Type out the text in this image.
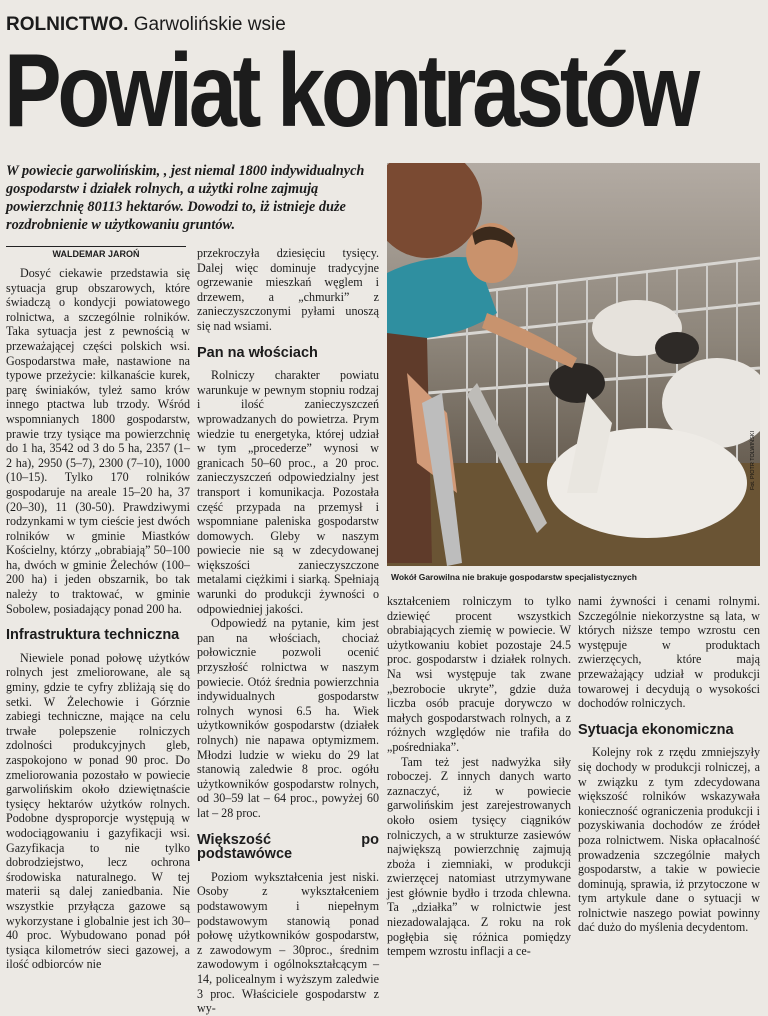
ROLNICTWO. Garwolińskie wsie
Powiat kontrastów

W powiecie garwolińskim, , jest niemal 1800 indywidualnych gospodarstw i działek rolnych, a użytki rolne zajmują powierzchnię 80113 hektarów. Dowodzi to, iż istnieje duże rozdrobnienie w użytkowaniu gruntów.

WALDEMAR JAROŃ

Dosyć ciekawie przedstawia się sytuacja grup obszarowych, które świadczą o kondycji powiatowego rolnictwa, a szczególnie rolników. Taka sytuacja jest z pewnością w przeważającej części polskich wsi. Gospodarstwa małe, nastawione na typowe przeżycie: kilkanaście kurek, parę świniaków, tyleż samo krów innego ptactwa lub trzody. Wśród wspomnianych 1800 gospodarstw, prawie trzy tysiące ma powierzchnię do 1 ha, 3542 od 3 do 5 ha, 2357 (1–2 ha), 2950 (5–7), 2300 (7–10), 1000 (10–15). Tylko 170 rolników gospodaruje na areale 15–20 ha, 37 (20–30), 11 (30-50). Prawdziwymi rodzynkami w tym cieście jest dwóch rolników w gminie Miastków Kościelny, którzy „obrabiają” 50–100 ha, dwóch w gminie Żelechów (100–200 ha) i jeden obszarnik, bo tak należy to traktować, w gminie Sobolew, posiadający ponad 200 ha.

Infrastruktura techniczna

Niewiele ponad połowę użytków rolnych jest zmeliorowane, ale są gminy, gdzie te cyfry zbliżają się do setki. W Żelechowie i Górznie zabiegi techniczne, mające na celu trwałe polepszenie rolniczych zdolności produkcyjnych gleb, zaspokojono w ponad 90 proc. Do zmeliorowania pozostało w powiecie garwolińskim około dziewiętnaście tysięcy hektarów użytków rolnych. Podobne dysproporcje występują w wodociągowaniu i gazyfikacji wsi. Gazyfikacja to nie tylko dobrodziejstwo, lecz ochrona środowiska naturalnego. W tej materii są dalej zaniedbania. Nie wszystkie przyłącza gazowe są wykorzystane i globalnie jest ich 30–40 proc. Wybudowano ponad pół tysiąca kilometrów sieci gazowej, a ilość odbiorców nie

przekroczyła dziesięciu tysięcy. Dalej więc dominuje tradycyjne ogrzewanie mieszkań węglem i drzewem, a „chmurki” z zanieczyszczonymi pyłami unoszą się nad wsiami.

Pan na włościach

Rolniczy charakter powiatu warunkuje w pewnym stopniu rodzaj i ilość zanieczyszczeń wprowadzanych do powietrza. Prym wiedzie tu energetyka, której udział w tym „procederze” wynosi w granicach 50–60 proc., a 20 proc. zanieczyszczeń odpowiedzialny jest transport i komunikacja. Pozostała część przypada na przemysł i wspomniane paleniska gospodarstw domowych. Gleby w naszym powiecie nie są w zdecydowanej większości zanieczyszczone metalami ciężkimi i siarką. Spełniają warunki do produkcji żywności o odpowiedniej jakości.

Odpowiedź na pytanie, kim jest pan na włościach, chociaż połowicznie pozwoli ocenić przyszłość rolnictwa w naszym powiecie. Otóż średnia powierzchnia indywidualnych gospodarstw rolnych wynosi 6.5 ha. Wiek użytkowników gospodarstw (działek rolnych) nie napawa optymizmem. Młodzi ludzie w wieku do 29 lat stanowią zaledwie 8 proc. ogółu użytkowników gospodarstw rolnych, od 30–59 lat – 64 proc., powyżej 60 lat – 28 proc.

Większość po podstawówce

Poziom wykształcenia jest niski. Osoby z wykształceniem podstawowym i niepełnym podstawowym stanowią ponad połowę użytkowników gospodarstw, z zawodowym – 30proc., średnim zawodowym i ogólnokształcącym – 14, policealnym i wyższym zaledwie 3 proc. Właściciele gospodarstw z wy-

Fot. PIOTR TOLWIŃSKI
Wokół Garowilna nie brakuje gospodarstw specjalistycznych

kształceniem rolniczym to tylko dziewięć procent wszystkich obrabiających ziemię w powiecie. W użytkowaniu kobiet pozostaje 24.5 proc. gospodarstw i działek rolnych. Na wsi występuje tak zwane „bezrobocie ukryte”, gdzie duża liczba osób pracuje dorywczo w małych gospodarstwach rolnych, a z różnych względów nie trafiła do „pośredniaka”.

Tam też jest nadwyżka siły roboczej. Z innych danych warto zaznaczyć, iż w powiecie garwolińskim jest zarejestrowanych około osiem tysięcy ciągników rolniczych, a w strukturze zasiewów największą powierzchnię zajmują zboża i ziemniaki, w produkcji zwierzęcej natomiast utrzymywane jest głównie bydło i trzoda chlewna. Ta „działka” w rolnictwie jest niezadowalająca. Z roku na rok pogłębia się różnica pomiędzy tempem wzrostu inflacji a ce-

nami żywności i cenami rolnymi. Szczególnie niekorzystne są lata, w których niższe tempo wzrostu cen występuje w produktach zwierzęcych, które mają przeważający udział w produkcji towarowej i decydują o wysokości dochodów rolniczych.

Sytuacja ekonomiczna

Kolejny rok z rzędu zmniejszyły się dochody w produkcji rolniczej, a w związku z tym zdecydowana większość rolników wskazywała konieczność ograniczenia produkcji i pozyskiwania dochodów ze źródeł poza rolnictwem. Niska opłacalność prowadzenia szczególnie małych gospodarstw, a takie w powiecie dominują, sprawia, iż przytoczone w tym artykule dane o sytuacji w rolnictwie naszego powiat powinny dać dużo do myślenia decydentom.
